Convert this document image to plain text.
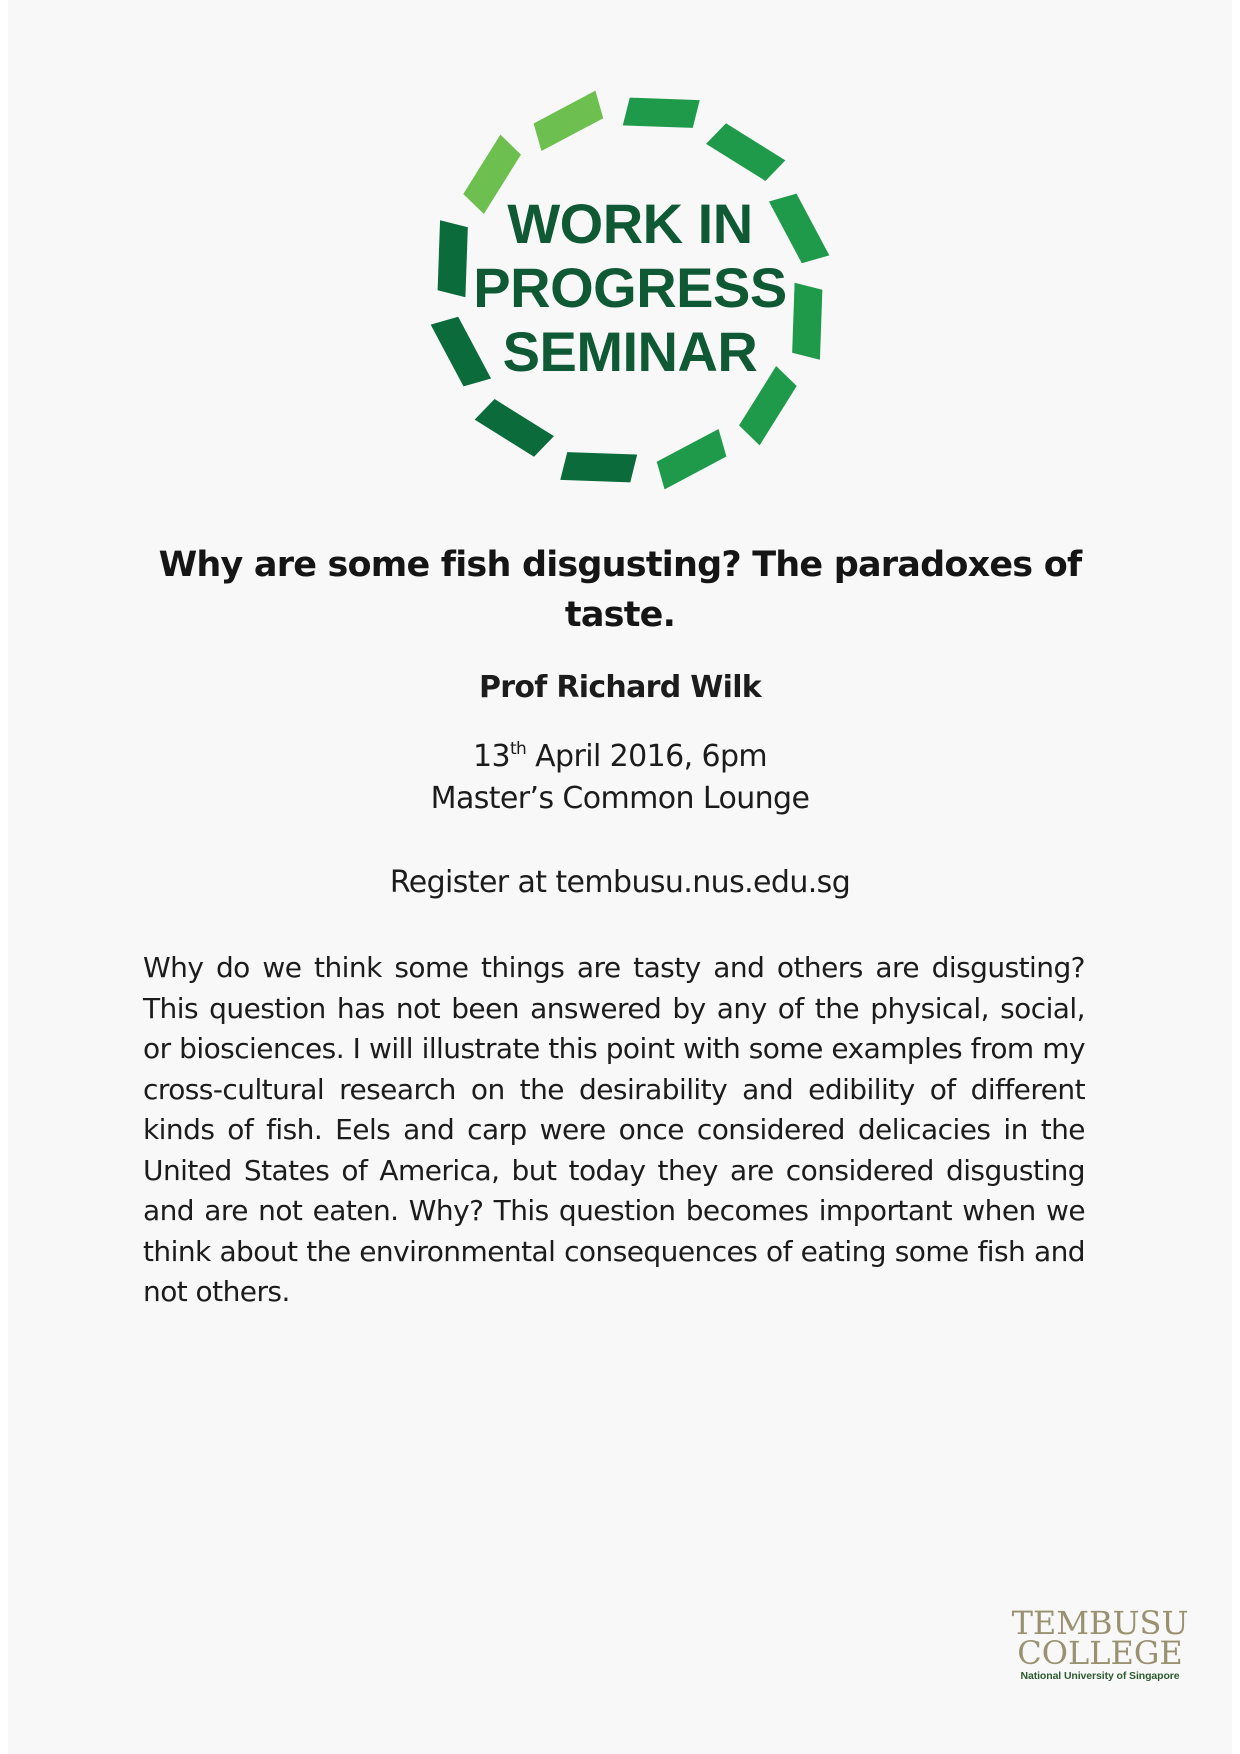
WORK IN
PROGRESS
SEMINAR
Why are some fish disgusting? The paradoxes of taste.
Prof Richard Wilk
13th April 2016, 6pm
Master’s Common Lounge
Register at tembusu.nus.edu.sg
Why do we think some things are tasty and others are disgusting? This question has not been answered by any of the physical, social, or biosciences. I will illustrate this point with some examples from my cross-cultural research on the desirability and edibility of different kinds of fish. Eels and carp were once considered delicacies in the United States of America, but today they are considered disgusting and are not eaten. Why? This question becomes important when we think about the environmental consequences of eating some fish and not others.
TEMBUSU
COLLEGE
National University of Singapore
